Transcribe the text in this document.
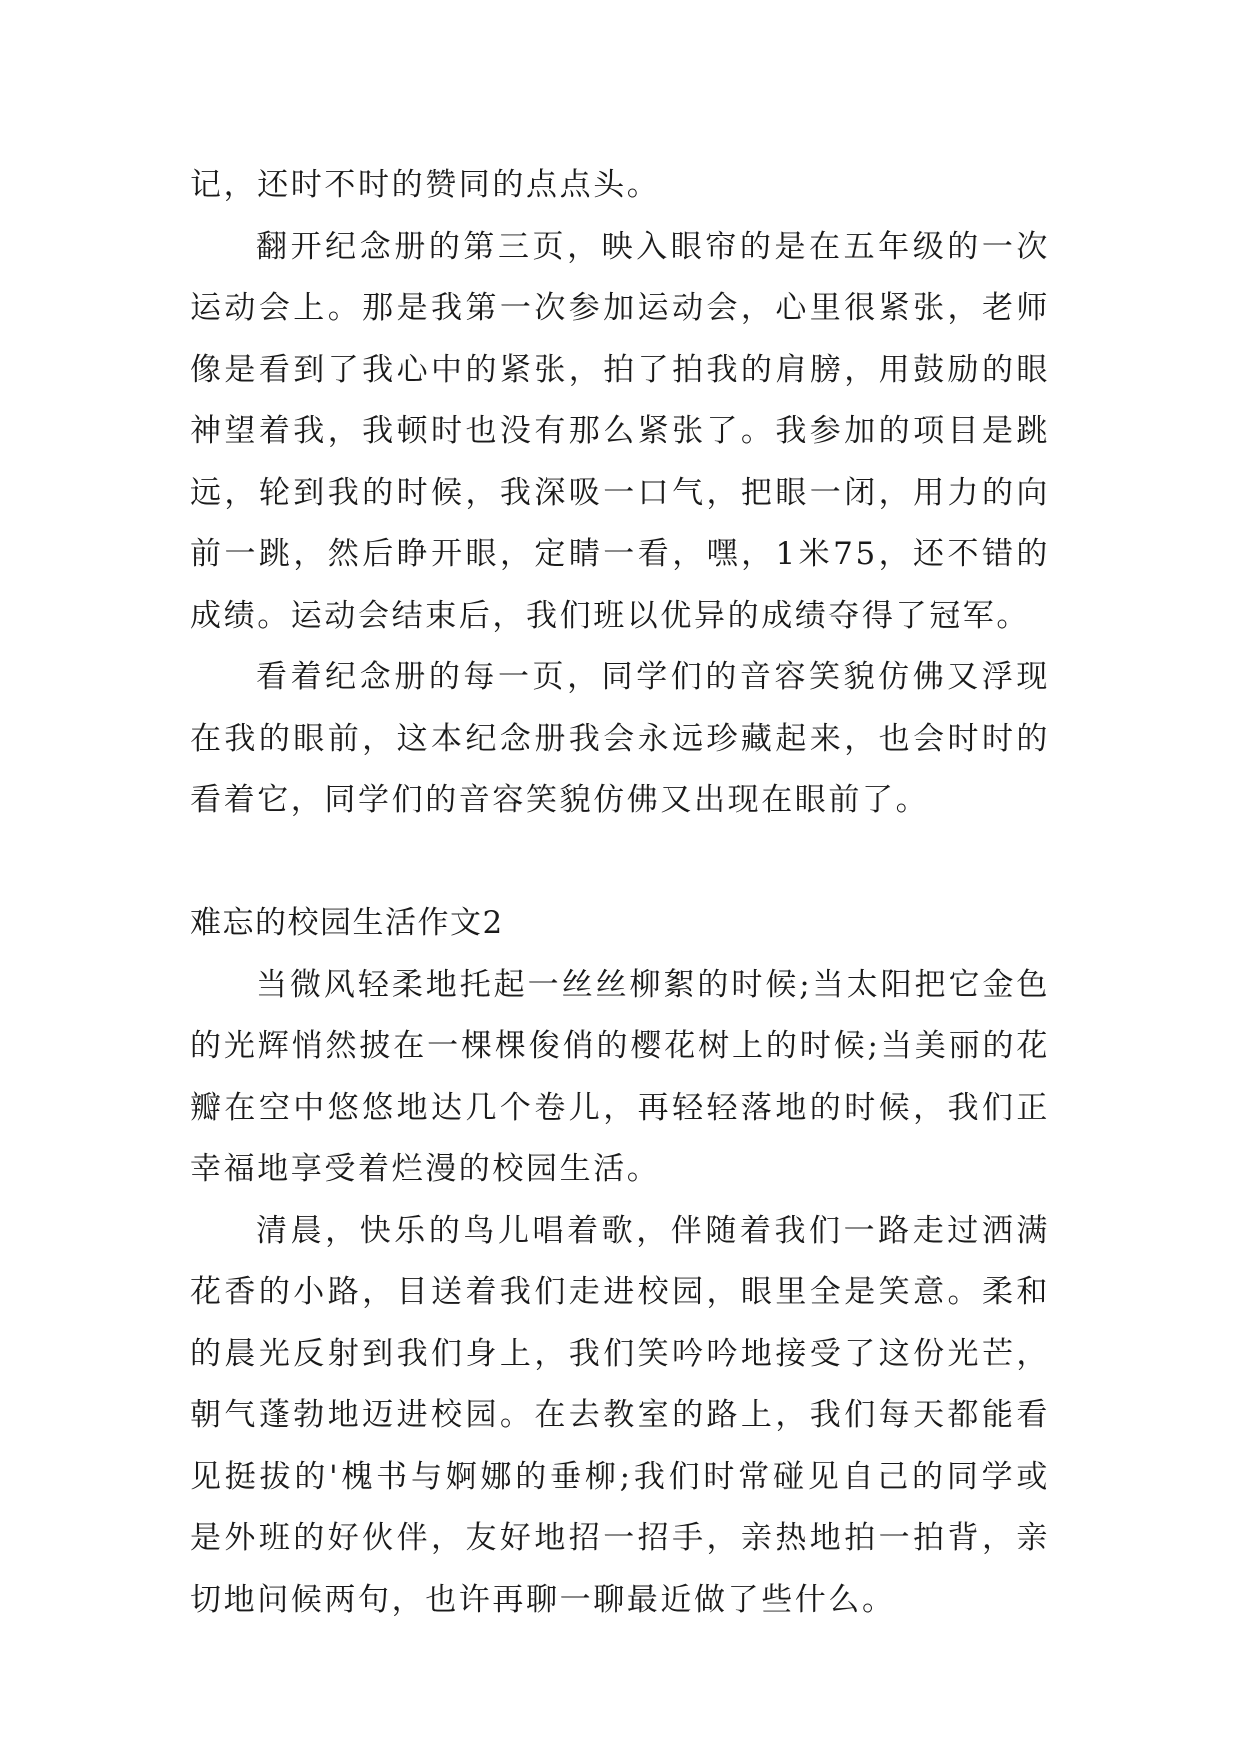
记，还时不时的赞同的点点头。

翻开纪念册的第三页，映入眼帘的是在五年级的一次运动会上。那是我第一次参加运动会，心里很紧张，老师像是看到了我心中的紧张，拍了拍我的肩膀，用鼓励的眼神望着我，我顿时也没有那么紧张了。我参加的项目是跳远，轮到我的时候，我深吸一口气，把眼一闭，用力的向前一跳，然后睁开眼，定睛一看，嘿，1米75，还不错的成绩。运动会结束后，我们班以优异的成绩夺得了冠军。

看着纪念册的每一页，同学们的音容笑貌仿佛又浮现在我的眼前，这本纪念册我会永远珍藏起来，也会时时的看着它，同学们的音容笑貌仿佛又出现在眼前了。

难忘的校园生活作文2

当微风轻柔地托起一丝丝柳絮的时候;当太阳把它金色的光辉悄然披在一棵棵俊俏的樱花树上的时候;当美丽的花瓣在空中悠悠地达几个卷儿，再轻轻落地的时候，我们正幸福地享受着烂漫的校园生活。

清晨，快乐的鸟儿唱着歌，伴随着我们一路走过洒满花香的小路，目送着我们走进校园，眼里全是笑意。柔和的晨光反射到我们身上，我们笑吟吟地接受了这份光芒，朝气蓬勃地迈进校园。在去教室的路上，我们每天都能看见挺拔的'槐书与婀娜的垂柳;我们时常碰见自己的同学或是外班的好伙伴，友好地招一招手，亲热地拍一拍背，亲切地问候两句，也许再聊一聊最近做了些什么。
